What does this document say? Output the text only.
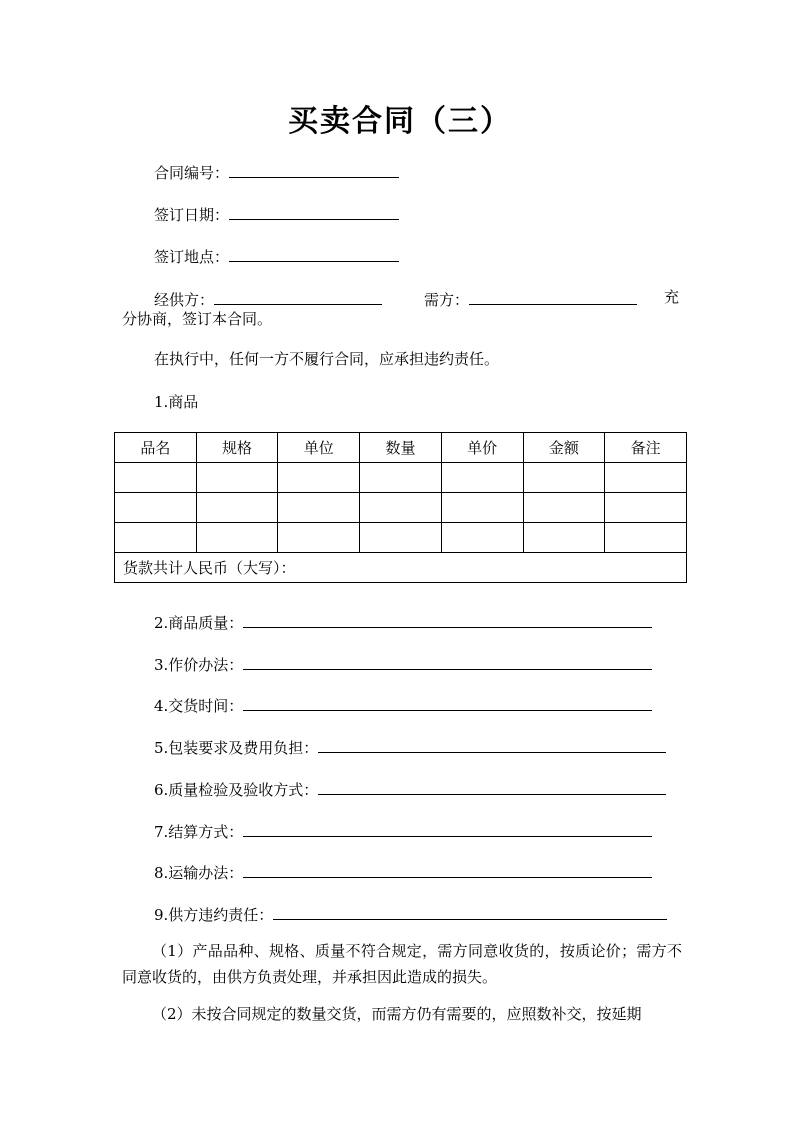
买卖合同（三）
合同编号：
签订日期：
签订地点：
经供方：	需方：	充
分协商，签订本合同。
在执行中，任何一方不履行合同，应承担违约责任。
1.商品
品名	规格	单位	数量	单价	金额	备注

货款共计人民币（大写）：						
2.商品质量：
3.作价办法：
4.交货时间：
5.包装要求及费用负担：
6.质量检验及验收方式：
7.结算方式：
8.运输办法：
9.供方违约责任：
（1）产品品种、规格、质量不符合规定，需方同意收货的，按质论价；需方不同意收货的，由供方负责处理，并承担因此造成的损失。
（2）未按合同规定的数量交货，而需方仍有需要的，应照数补交，按延期
